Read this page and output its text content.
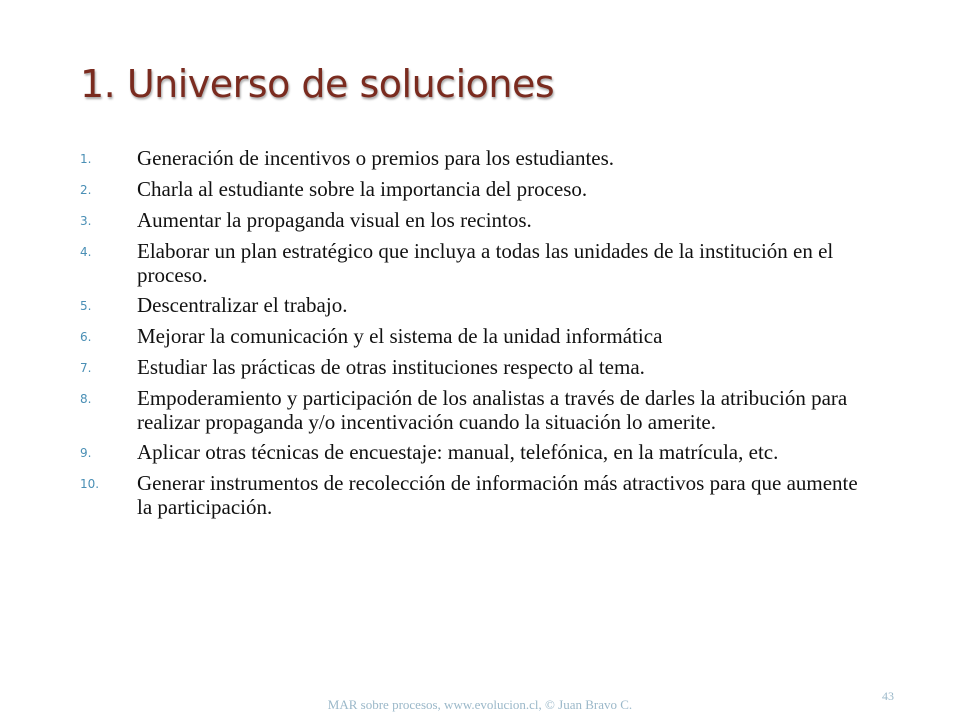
1. Universo de soluciones
1.	Generación de incentivos o premios para los estudiantes.
2.	Charla al estudiante sobre la importancia del proceso.
3.	Aumentar la propaganda visual en los recintos.
4.	Elaborar un plan estratégico que incluya a todas las unidades de la institución en el proceso.
5.	Descentralizar el trabajo.
6.	Mejorar la comunicación y el sistema de la unidad informática
7.	Estudiar las prácticas de otras instituciones respecto al tema.
8.	Empoderamiento y participación de los analistas a través de darles la atribución para realizar propaganda y/o incentivación cuando la situación lo amerite.
9.	Aplicar otras técnicas de encuestaje: manual, telefónica, en la matrícula, etc.
10.	Generar instrumentos de recolección de información más atractivos para que aumente la participación.
MAR sobre procesos, www.evolucion.cl, © Juan Bravo C.
43
